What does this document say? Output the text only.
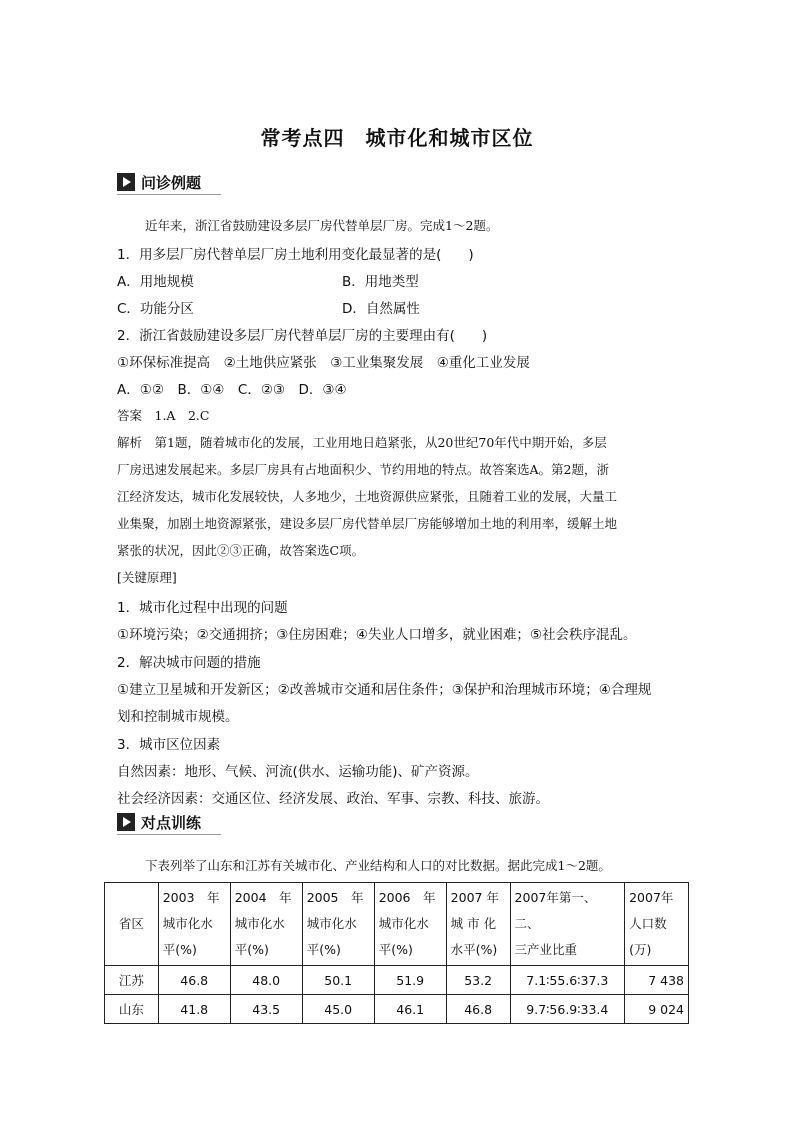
常考点四　城市化和城市区位
问诊例题
近年来，浙江省鼓励建设多层厂房代替单层厂房。完成1～2题。
1．用多层厂房代替单层厂房土地利用变化最显著的是(　　)
A．用地规模	B．用地类型
C．功能分区	D．自然属性
2．浙江省鼓励建设多层厂房代替单层厂房的主要理由有(　　)
①环保标准提高　②土地供应紧张　③工业集聚发展　④重化工业发展
A．①②　B．①④　C．②③　D．③④
答案　1.A　2.C
解析　第1题，随着城市化的发展，工业用地日趋紧张，从20世纪70年代中期开始，多层
厂房迅速发展起来。多层厂房具有占地面积少、节约用地的特点。故答案选A。第2题，浙
江经济发达，城市化发展较快，人多地少，土地资源供应紧张，且随着工业的发展，大量工
业集聚，加剧土地资源紧张，建设多层厂房代替单层厂房能够增加土地的利用率，缓解土地
紧张的状况，因此②③正确，故答案选C项。
[关键原理]
1．城市化过程中出现的问题
①环境污染；②交通拥挤；③住房困难；④失业人口增多，就业困难；⑤社会秩序混乱。
2．解决城市问题的措施
①建立卫星城和开发新区；②改善城市交通和居住条件；③保护和治理城市环境；④合理规
划和控制城市规模。
3．城市区位因素
自然因素：地形、气候、河流(供水、运输功能)、矿产资源。
社会经济因素：交通区位、经济发展、政治、军事、宗教、科技、旅游。
对点训练
下表列举了山东和江苏有关城市化、产业结构和人口的对比数据。据此完成1～2题。
省区	2003　年
城市化水
平(%)	2004　年
城市化水
平(%)	2005　年
城市化水
平(%)	2006　年
城市化水
平(%)	2007 年
城 市 化
水平(%)	2007年第一、二、
三产业比重	2007年
人口数
(万)
江苏	46.8	48.0	50.1	51.9	53.2	7.1∶55.6∶37.3	7 438
山东	41.8	43.5	45.0	46.1	46.8	9.7∶56.9∶33.4	9 024
